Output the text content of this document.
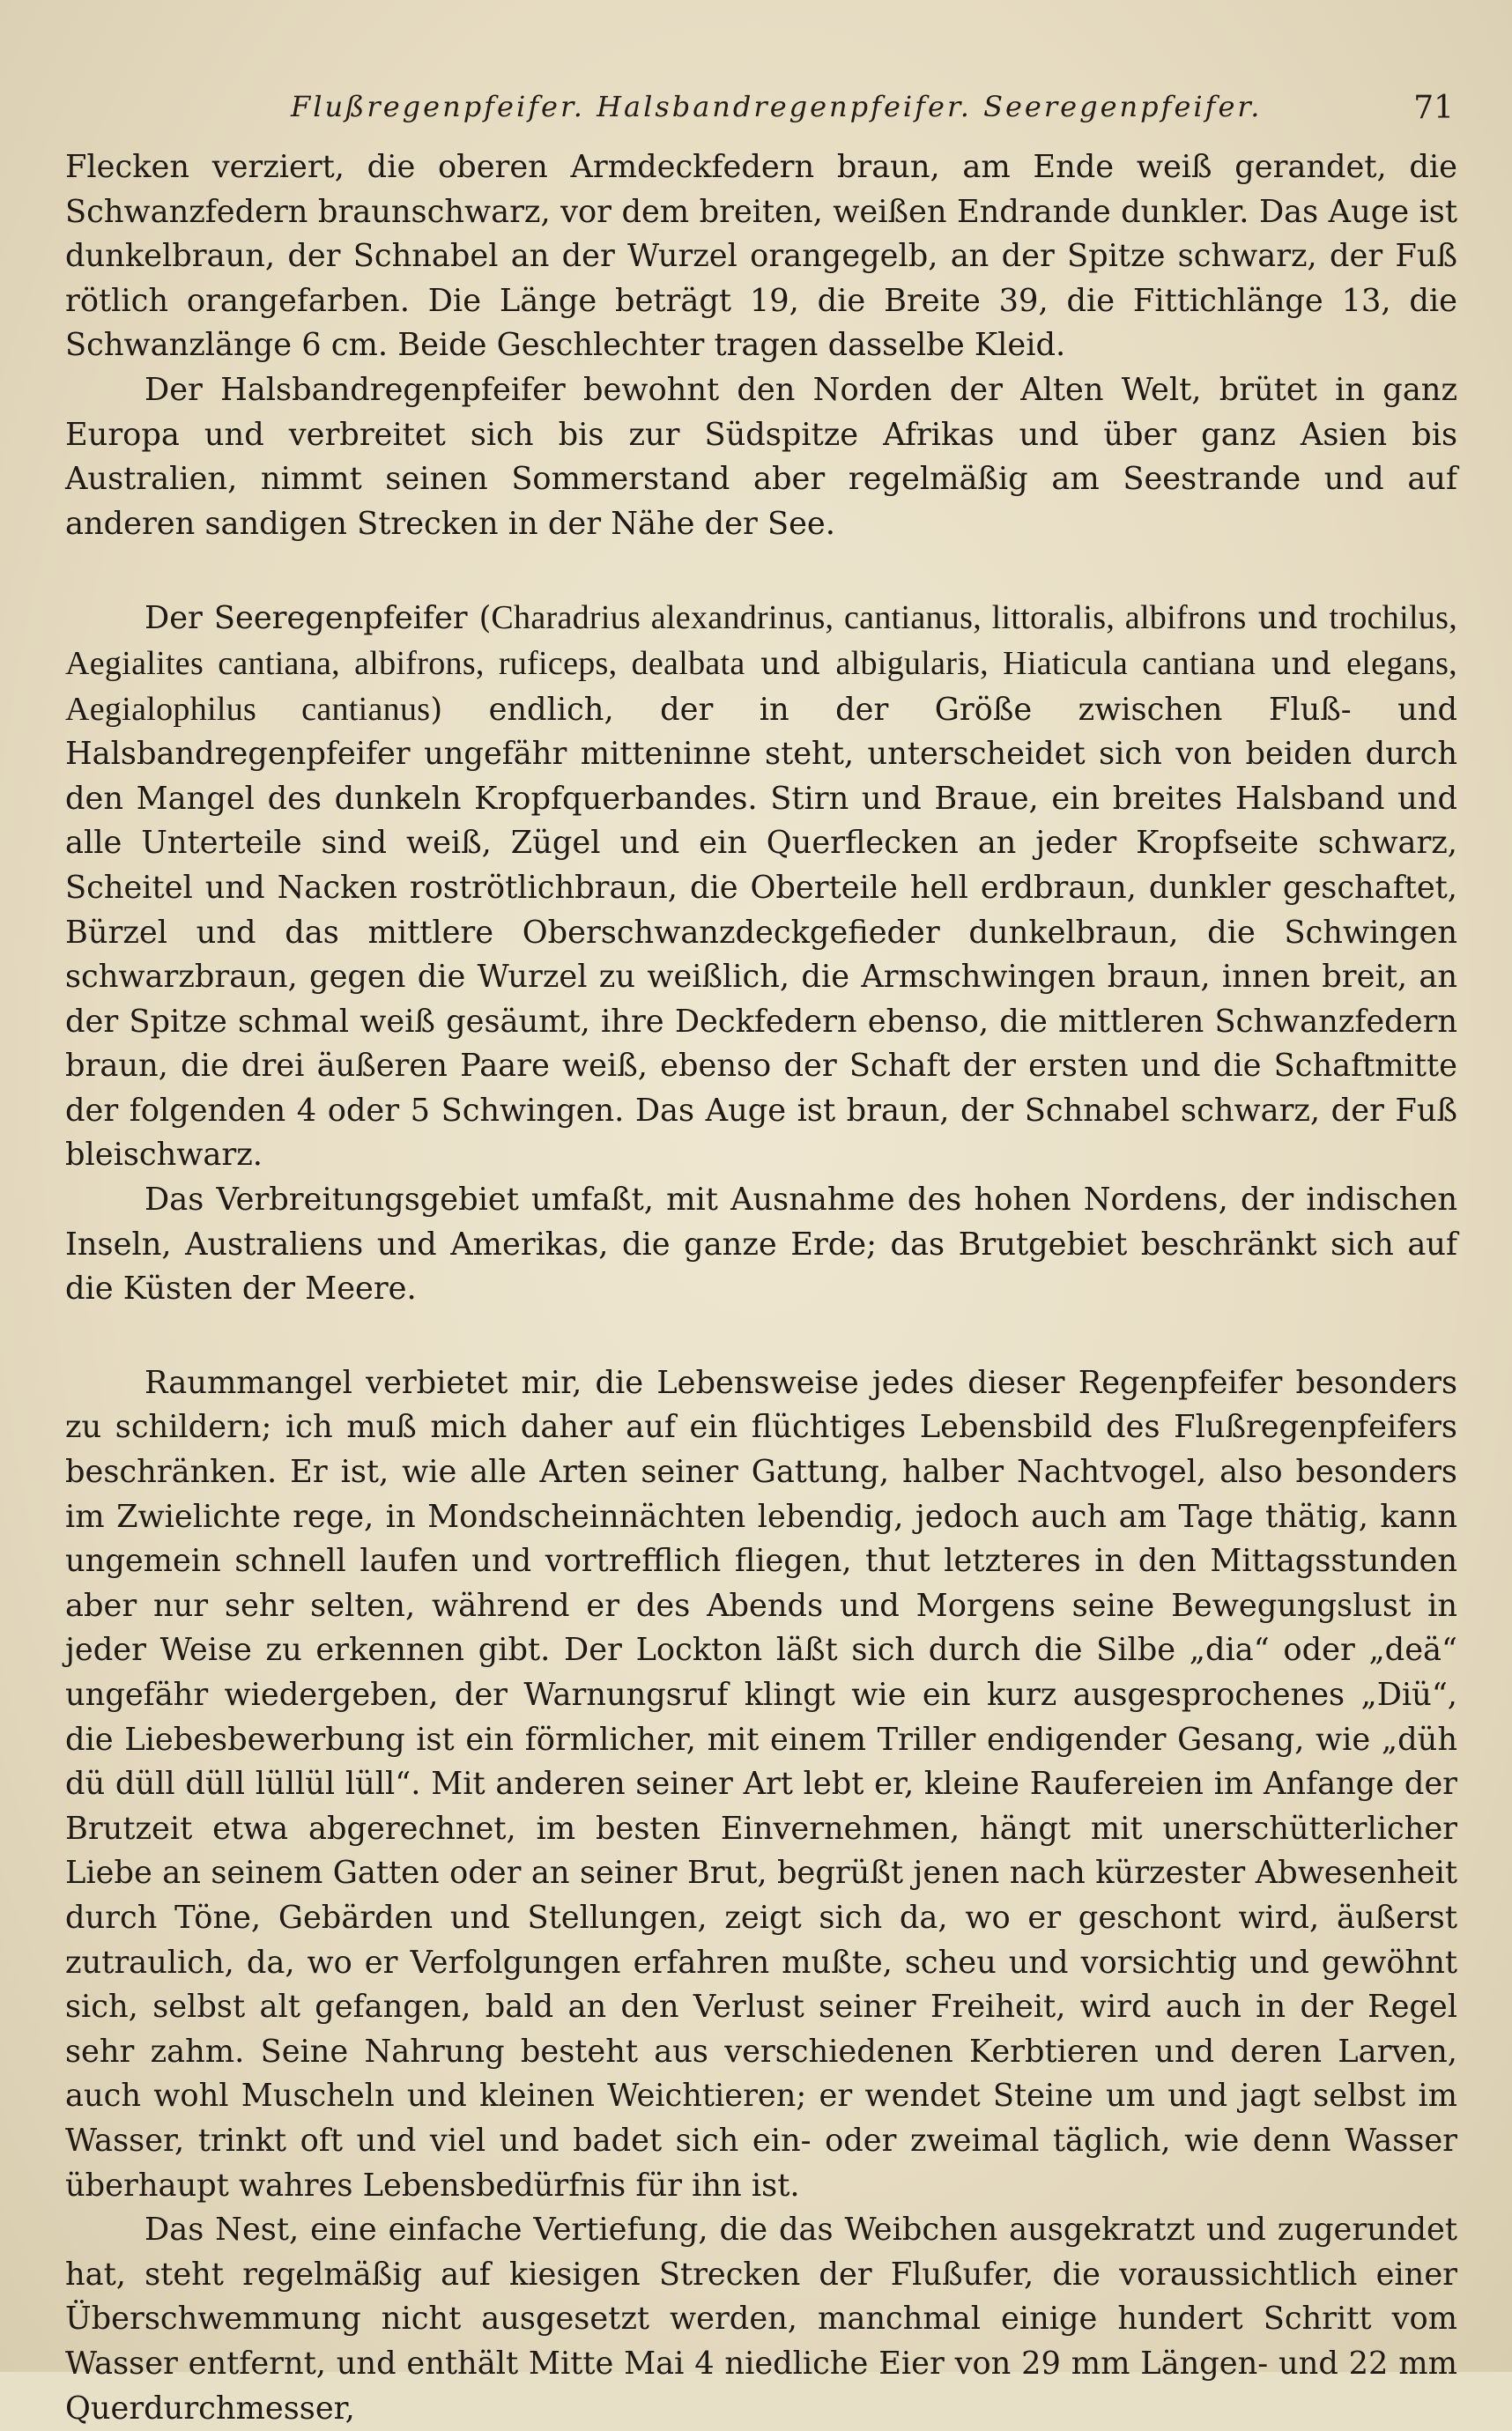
Flußregenpfeifer. Halsbandregenpfeifer. Seeregenpfeifer.	71

Flecken verziert, die oberen Armdeckfedern braun, am Ende weiß gerandet, die Schwanzfedern braunschwarz, vor dem breiten, weißen Endrande dunkler. Das Auge ist dunkelbraun, der Schnabel an der Wurzel orangegelb, an der Spitze schwarz, der Fuß rötlich orangefarben. Die Länge beträgt 19, die Breite 39, die Fittichlänge 13, die Schwanzlänge 6 cm. Beide Geschlechter tragen dasselbe Kleid.

Der Halsbandregenpfeifer bewohnt den Norden der Alten Welt, brütet in ganz Europa und verbreitet sich bis zur Südspitze Afrikas und über ganz Asien bis Australien, nimmt seinen Sommerstand aber regelmäßig am Seestrande und auf anderen sandigen Strecken in der Nähe der See.

Der Seeregenpfeifer (Charadrius alexandrinus, cantianus, littoralis, albifrons und trochilus, Aegialites cantiana, albifrons, ruficeps, dealbata und albigularis, Hiaticula cantiana und elegans, Aegialophilus cantianus) endlich, der in der Größe zwischen Fluß- und Halsbandregenpfeifer ungefähr mitteninne steht, unterscheidet sich von beiden durch den Mangel des dunkeln Kropfquerbandes. Stirn und Braue, ein breites Halsband und alle Unterteile sind weiß, Zügel und ein Querflecken an jeder Kropfseite schwarz, Scheitel und Nacken roströtlichbraun, die Oberteile hell erdbraun, dunkler geschaftet, Bürzel und das mittlere Oberschwanzdeckgefieder dunkelbraun, die Schwingen schwarzbraun, gegen die Wurzel zu weißlich, die Armschwingen braun, innen breit, an der Spitze schmal weiß gesäumt, ihre Deckfedern ebenso, die mittleren Schwanzfedern braun, die drei äußeren Paare weiß, ebenso der Schaft der ersten und die Schaftmitte der folgenden 4 oder 5 Schwingen. Das Auge ist braun, der Schnabel schwarz, der Fuß bleischwarz.

Das Verbreitungsgebiet umfaßt, mit Ausnahme des hohen Nordens, der indischen Inseln, Australiens und Amerikas, die ganze Erde; das Brutgebiet beschränkt sich auf die Küsten der Meere.

Raummangel verbietet mir, die Lebensweise jedes dieser Regenpfeifer besonders zu schildern; ich muß mich daher auf ein flüchtiges Lebensbild des Flußregenpfeifers beschränken. Er ist, wie alle Arten seiner Gattung, halber Nachtvogel, also besonders im Zwielichte rege, in Mondscheinnächten lebendig, jedoch auch am Tage thätig, kann ungemein schnell laufen und vortrefflich fliegen, thut letzteres in den Mittagsstunden aber nur sehr selten, während er des Abends und Morgens seine Bewegungslust in jeder Weise zu erkennen gibt. Der Lockton läßt sich durch die Silbe „dia“ oder „deä“ ungefähr wiedergeben, der Warnungsruf klingt wie ein kurz ausgesprochenes „Diü“, die Liebesbewerbung ist ein förmlicher, mit einem Triller endigender Gesang, wie „düh dü düll düll lüllül lüll“. Mit anderen seiner Art lebt er, kleine Raufereien im Anfange der Brutzeit etwa abgerechnet, im besten Einvernehmen, hängt mit unerschütterlicher Liebe an seinem Gatten oder an seiner Brut, begrüßt jenen nach kürzester Abwesenheit durch Töne, Gebärden und Stellungen, zeigt sich da, wo er geschont wird, äußerst zutraulich, da, wo er Verfolgungen erfahren mußte, scheu und vorsichtig und gewöhnt sich, selbst alt gefangen, bald an den Verlust seiner Freiheit, wird auch in der Regel sehr zahm. Seine Nahrung besteht aus verschiedenen Kerbtieren und deren Larven, auch wohl Muscheln und kleinen Weichtieren; er wendet Steine um und jagt selbst im Wasser, trinkt oft und viel und badet sich ein- oder zweimal täglich, wie denn Wasser überhaupt wahres Lebensbedürfnis für ihn ist.

Das Nest, eine einfache Vertiefung, die das Weibchen ausgekratzt und zugerundet hat, steht regelmäßig auf kiesigen Strecken der Flußufer, die voraussichtlich einer Überschwemmung nicht ausgesetzt werden, manchmal einige hundert Schritt vom Wasser entfernt, und enthält Mitte Mai 4 niedliche Eier von 29 mm Längen- und 22 mm Querdurchmesser,
